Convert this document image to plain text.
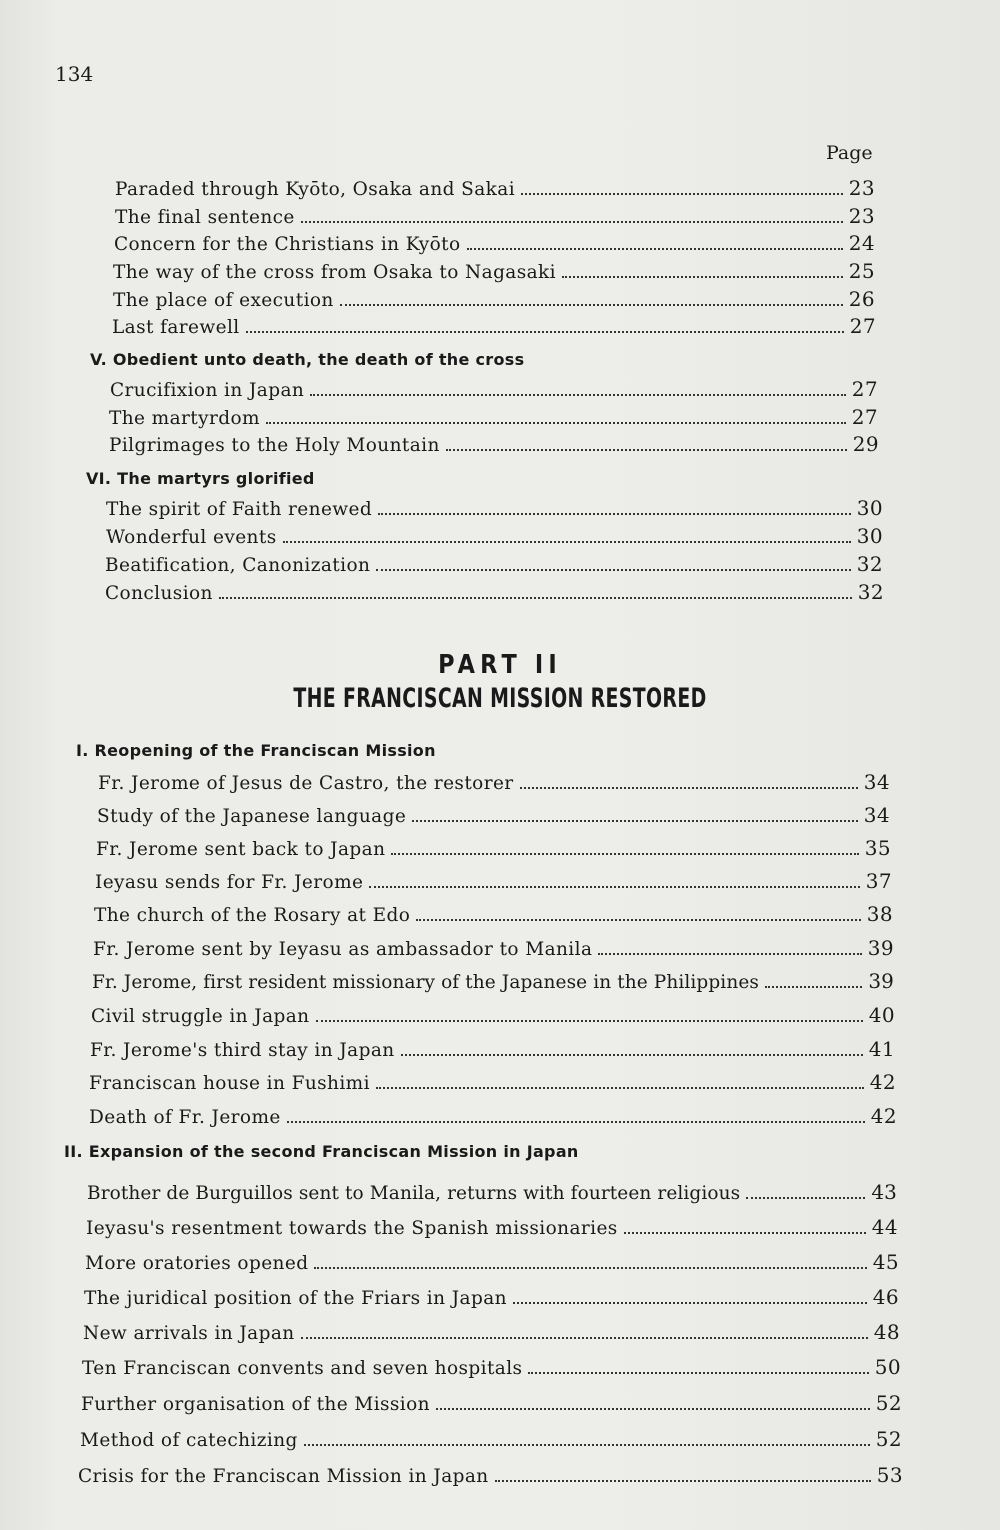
134
Page
Paraded through Kyōto, Osaka and Sakai	23
The final sentence	23
Concern for the Christians in Kyōto	24
The way of the cross from Osaka to Nagasaki	25
The place of execution	26
Last farewell	27
V. Obedient unto death, the death of the cross
Crucifixion in Japan	27
The martyrdom	27
Pilgrimages to the Holy Mountain	29
VI. The martyrs glorified
The spirit of Faith renewed	30
Wonderful events	30
Beatification, Canonization	32
Conclusion	32
PART II
THE FRANCISCAN MISSION RESTORED
I. Reopening of the Franciscan Mission
Fr. Jerome of Jesus de Castro, the restorer	34
Study of the Japanese language	34
Fr. Jerome sent back to Japan	35
Ieyasu sends for Fr. Jerome	37
The church of the Rosary at Edo	38
Fr. Jerome sent by Ieyasu as ambassador to Manila	39
Fr. Jerome, first resident missionary of the Japanese in the Philippines	39
Civil struggle in Japan	40
Fr. Jerome's third stay in Japan	41
Franciscan house in Fushimi	42
Death of Fr. Jerome	42
II. Expansion of the second Franciscan Mission in Japan
Brother de Burguillos sent to Manila, returns with fourteen religious	43
Ieyasu's resentment towards the Spanish missionaries	44
More oratories opened	45
The juridical position of the Friars in Japan	46
New arrivals in Japan	48
Ten Franciscan convents and seven hospitals	50
Further organisation of the Mission	52
Method of catechizing	52
Crisis for the Franciscan Mission in Japan	53
